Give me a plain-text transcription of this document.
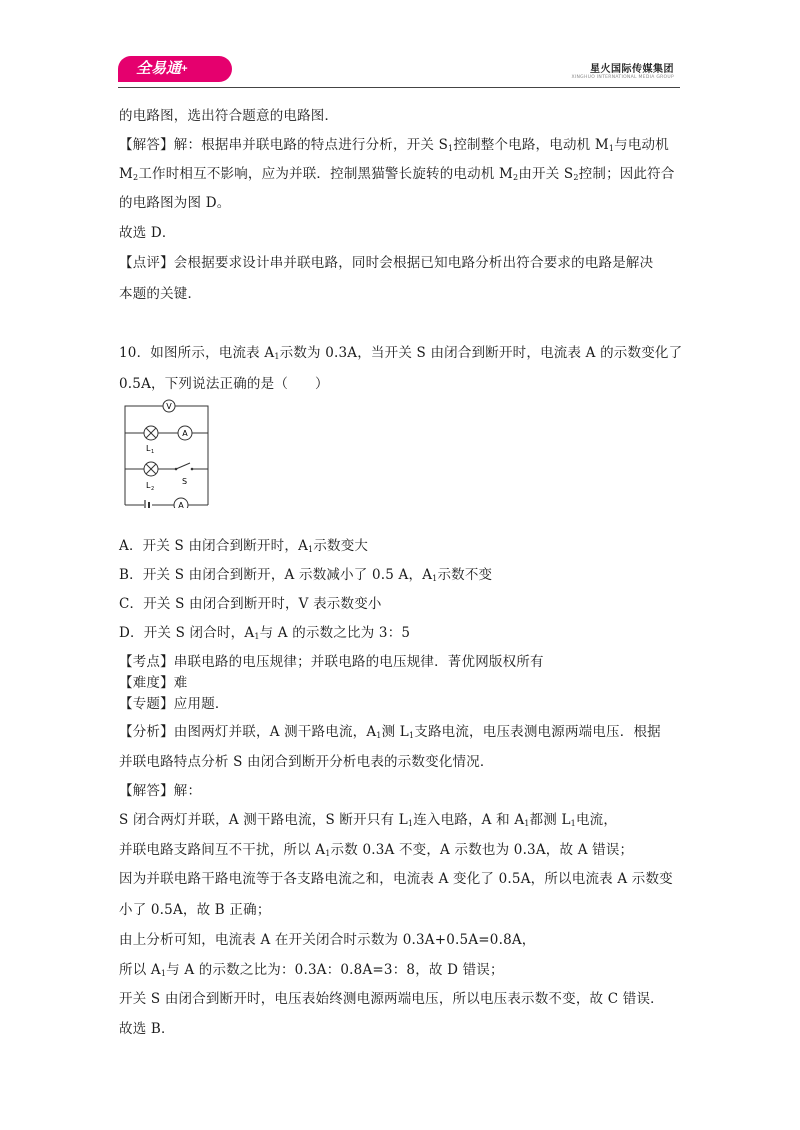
全易通+	星火国际传媒集团
XINGHUO INTERNATIONAL MEDIA GROUP
的电路图，选出符合题意的电路图．
【解答】解：根据串并联电路的特点进行分析，开关 $S_1$控制整个电路，电动机 $M_1$与电动机
$M_2$工作时相互不影响，应为并联．控制黑猫警长旋转的电动机 $M_2$由开关 $S_2$控制；因此符合
的电路图为图 D。
故选 D．
【点评】会根据要求设计串并联电路，同时会根据已知电路分析出符合要求的电路是解决
本题的关键．
10．如图所示，电流表 $A_1$示数为 0.3A，当开关 S 由闭合到断开时，电流表 A 的示数变化了
0.5A，下列说法正确的是（      ）
A．开关 S 由闭合到断开时，$A_1$示数变大
B．开关 S 由闭合到断开，A 示数减小了 0.5 A，$A_1$示数不变
C．开关 S 由闭合到断开时，V 表示数变小
D．开关 S 闭合时，$A_1$与 A 的示数之比为 3：5
【考点】串联电路的电压规律；并联电路的电压规律．菁优网版权所有
【难度】难
【专题】应用题．
【分析】由图两灯并联，A 测干路电流，$A_1$测 $L_1$支路电流，电压表测电源两端电压．根据
并联电路特点分析 S 由闭合到断开分析电表的示数变化情况．
【解答】解：
S 闭合两灯并联，A 测干路电流，S 断开只有 $L_1$连入电路，A 和 $A_1$都测 $L_1$电流，
并联电路支路间互不干扰，所以 $A_1$示数 0.3A 不变，A 示数也为 0.3A，故 A 错误；
因为并联电路干路电流等于各支路电流之和，电流表 A 变化了 0.5A，所以电流表 A 示数变
小了 0.5A，故 B 正确；
由上分析可知，电流表 A 在开关闭合时示数为 0.3A+0.5A=0.8A，
所以 $A_1$与 A 的示数之比为：0.3A：0.8A=3：8，故 D 错误；
开关 S 由闭合到断开时，电压表始终测电源两端电压，所以电压表示数不变，故 C 错误．
故选 B．
V
L 1
A
L 2
S
A
